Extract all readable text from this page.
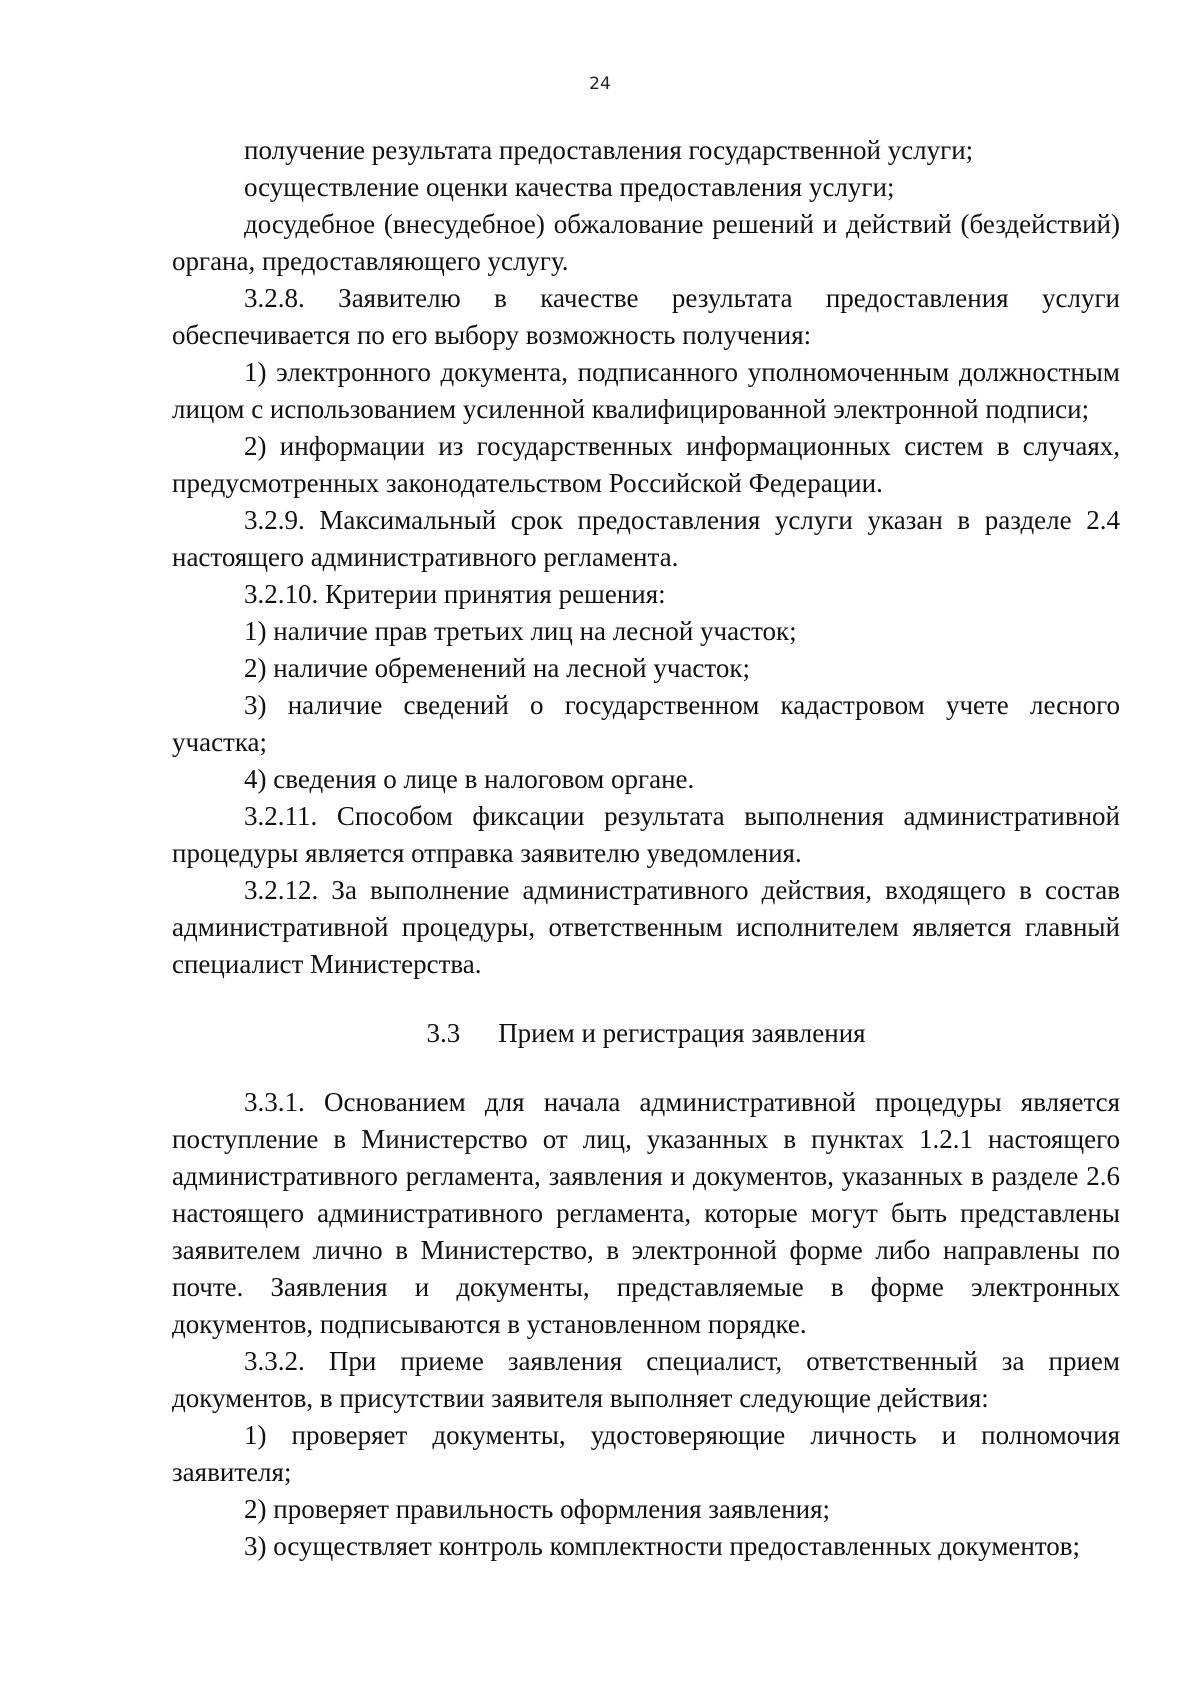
24

получение результата предоставления государственной услуги;

осуществление оценки качества предоставления услуги;

досудебное (внесудебное) обжалование решений и действий (бездействий) органа, предоставляющего услугу.

3.2.8. Заявителю в качестве результата предоставления услуги обеспечивается по его выбору возможность получения:

1) электронного документа, подписанного уполномоченным должностным лицом с использованием усиленной квалифицированной электронной подписи;

2) информации из государственных информационных систем в случаях, предусмотренных законодательством Российской Федерации.

3.2.9. Максимальный срок предоставления услуги указан в разделе 2.4 настоящего административного регламента.

3.2.10. Критерии принятия решения:

1) наличие прав третьих лиц на лесной участок;

2) наличие обременений на лесной участок;

3) наличие сведений о государственном кадастровом учете лесного участка;

4) сведения о лице в налоговом органе.

3.2.11. Способом фиксации результата выполнения административной процедуры является отправка заявителю уведомления.

3.2.12. За выполнение административного действия, входящего в состав административной процедуры, ответственным исполнителем является главный специалист Министерства.

3.3 Прием и регистрация заявления

3.3.1. Основанием для начала административной процедуры является поступление в Министерство от лиц, указанных в пунктах 1.2.1 настоящего административного регламента, заявления и документов, указанных в разделе 2.6 настоящего административного регламента, которые могут быть представлены заявителем лично в Министерство, в электронной форме либо направлены по почте. Заявления и документы, представляемые в форме электронных документов, подписываются в установленном порядке.

3.3.2. При приеме заявления специалист, ответственный за прием документов, в присутствии заявителя выполняет следующие действия:

1) проверяет документы, удостоверяющие личность и полномочия заявителя;

2) проверяет правильность оформления заявления;

3) осуществляет контроль комплектности предоставленных документов;
